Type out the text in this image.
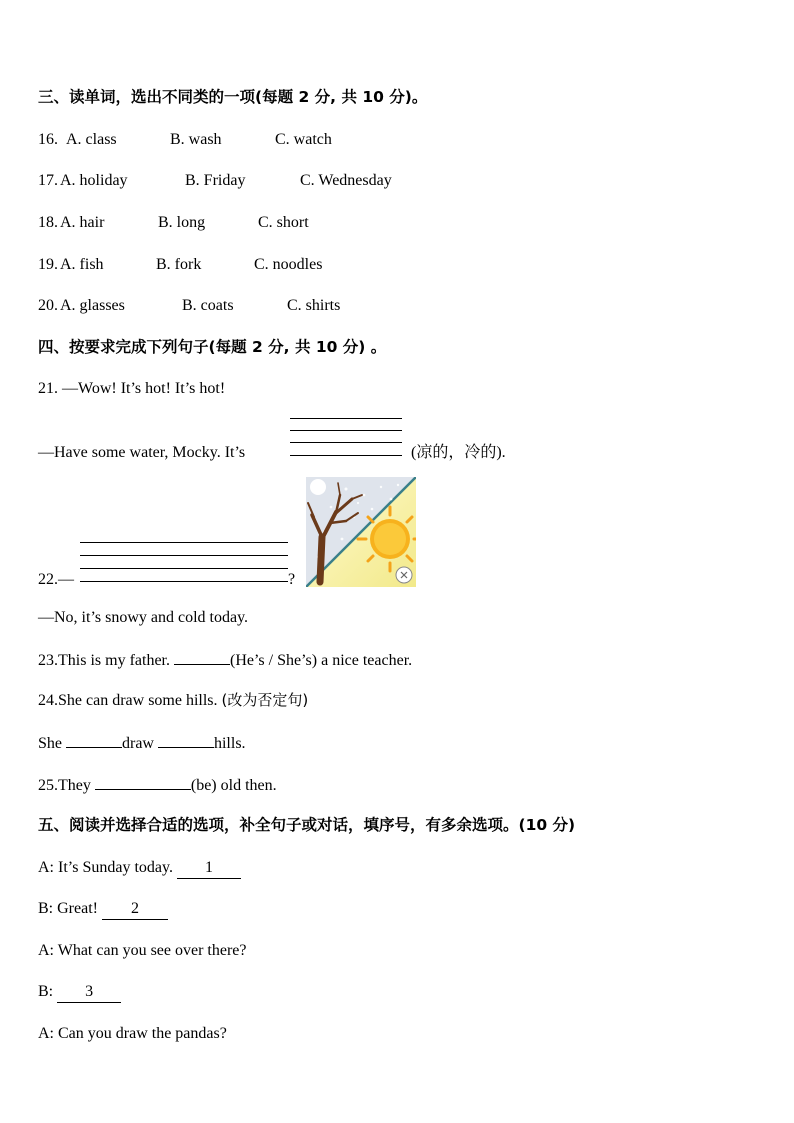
三、读单词，选出不同类的一项(每题 2 分, 共 10 分)。
16. A. class	B. wash	C. watch
17. A. holiday	B. Friday	C. Wednesday
18. A. hair	B. long	C. short
19. A. fish	B. fork	C. noodles
20. A. glasses	B. coats	C. shirts
四、按要求完成下列句子(每题 2 分, 共 10 分) 。
21. —Wow! It’s hot! It’s hot!
—Have some water, Mocky. It’s	(凉的，冷的).
22.—	?
—No, it’s snowy and cold today.
23.This is my father.	(He’s / She’s) a nice teacher.
24.She can draw some hills. (改为否定句)
She	draw	hills.
25.They	(be) old then.
五、阅读并选择合适的选项，补全句子或对话，填序号，有多余选项。(10 分)
A: It’s Sunday today. 1
B: Great! 2
A: What can you see over there?
B: 3
A: Can you draw the pandas?
